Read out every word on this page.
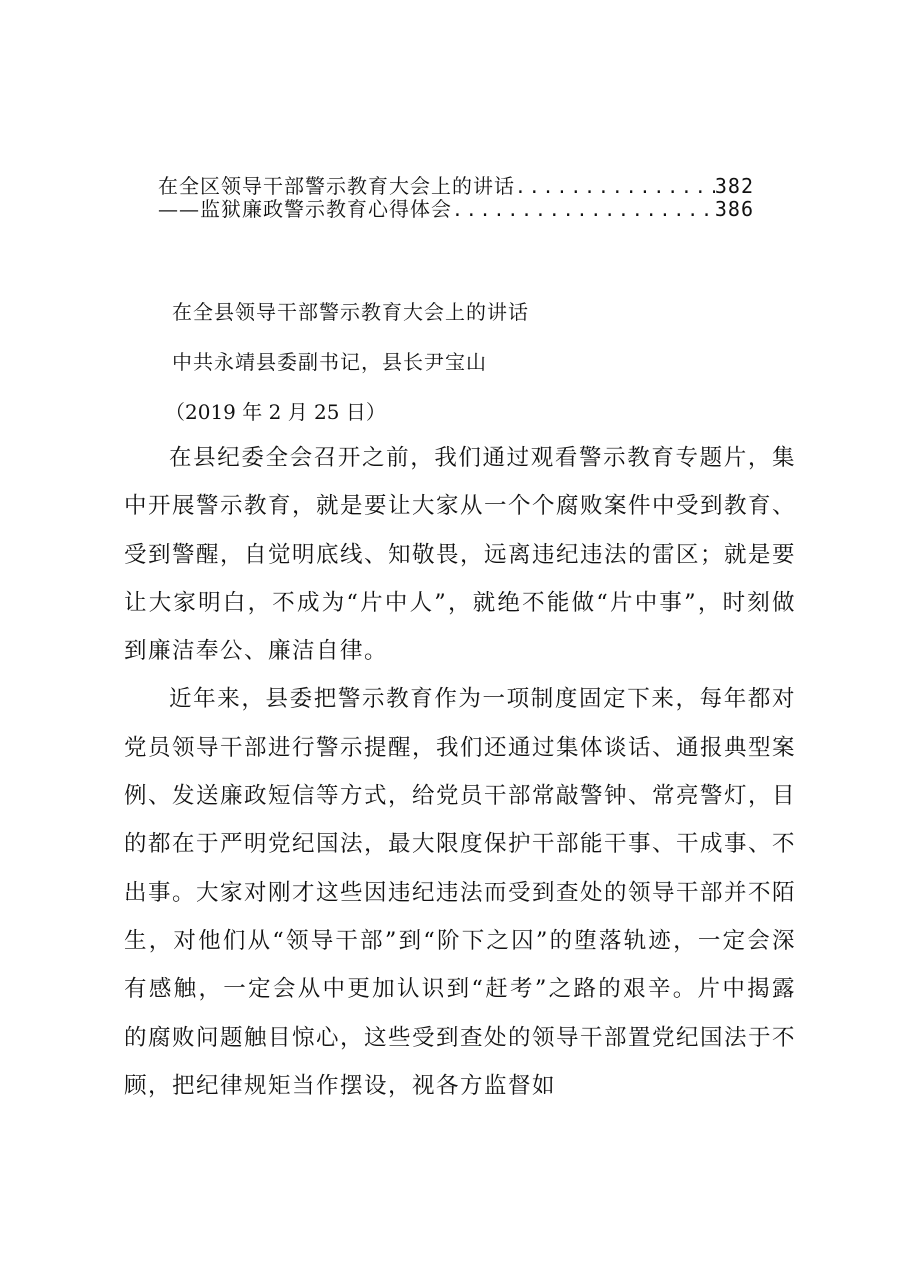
在全区领导干部警示教育大会上的讲话 .....	382
——监狱廉政警示教育心得体会 .....	386
在全县领导干部警示教育大会上的讲话
中共永靖县委副书记，县长尹宝山
（2019 年 2 月 25 日）

在县纪委全会召开之前，我们通过观看警示教育专题片，集中开展警示教育，就是要让大家从一个个腐败案件中受到教育、受到警醒，自觉明底线、知敬畏，远离违纪违法的雷区；就是要让大家明白，不成为“片中人”，就绝不能做“片中事”，时刻做到廉洁奉公、廉洁自律。

近年来，县委把警示教育作为一项制度固定下来，每年都对党员领导干部进行警示提醒，我们还通过集体谈话、通报典型案例、发送廉政短信等方式，给党员干部常敲警钟、常亮警灯，目的都在于严明党纪国法，最大限度保护干部能干事、干成事、不出事。大家对刚才这些因违纪违法而受到查处的领导干部并不陌生，对他们从“领导干部”到“阶下之囚”的堕落轨迹，一定会深有感触，一定会从中更加认识到“赶考”之路的艰辛。片中揭露的腐败问题触目惊心，这些受到查处的领导干部置党纪国法于不顾，把纪律规矩当作摆设，视各方监督如
